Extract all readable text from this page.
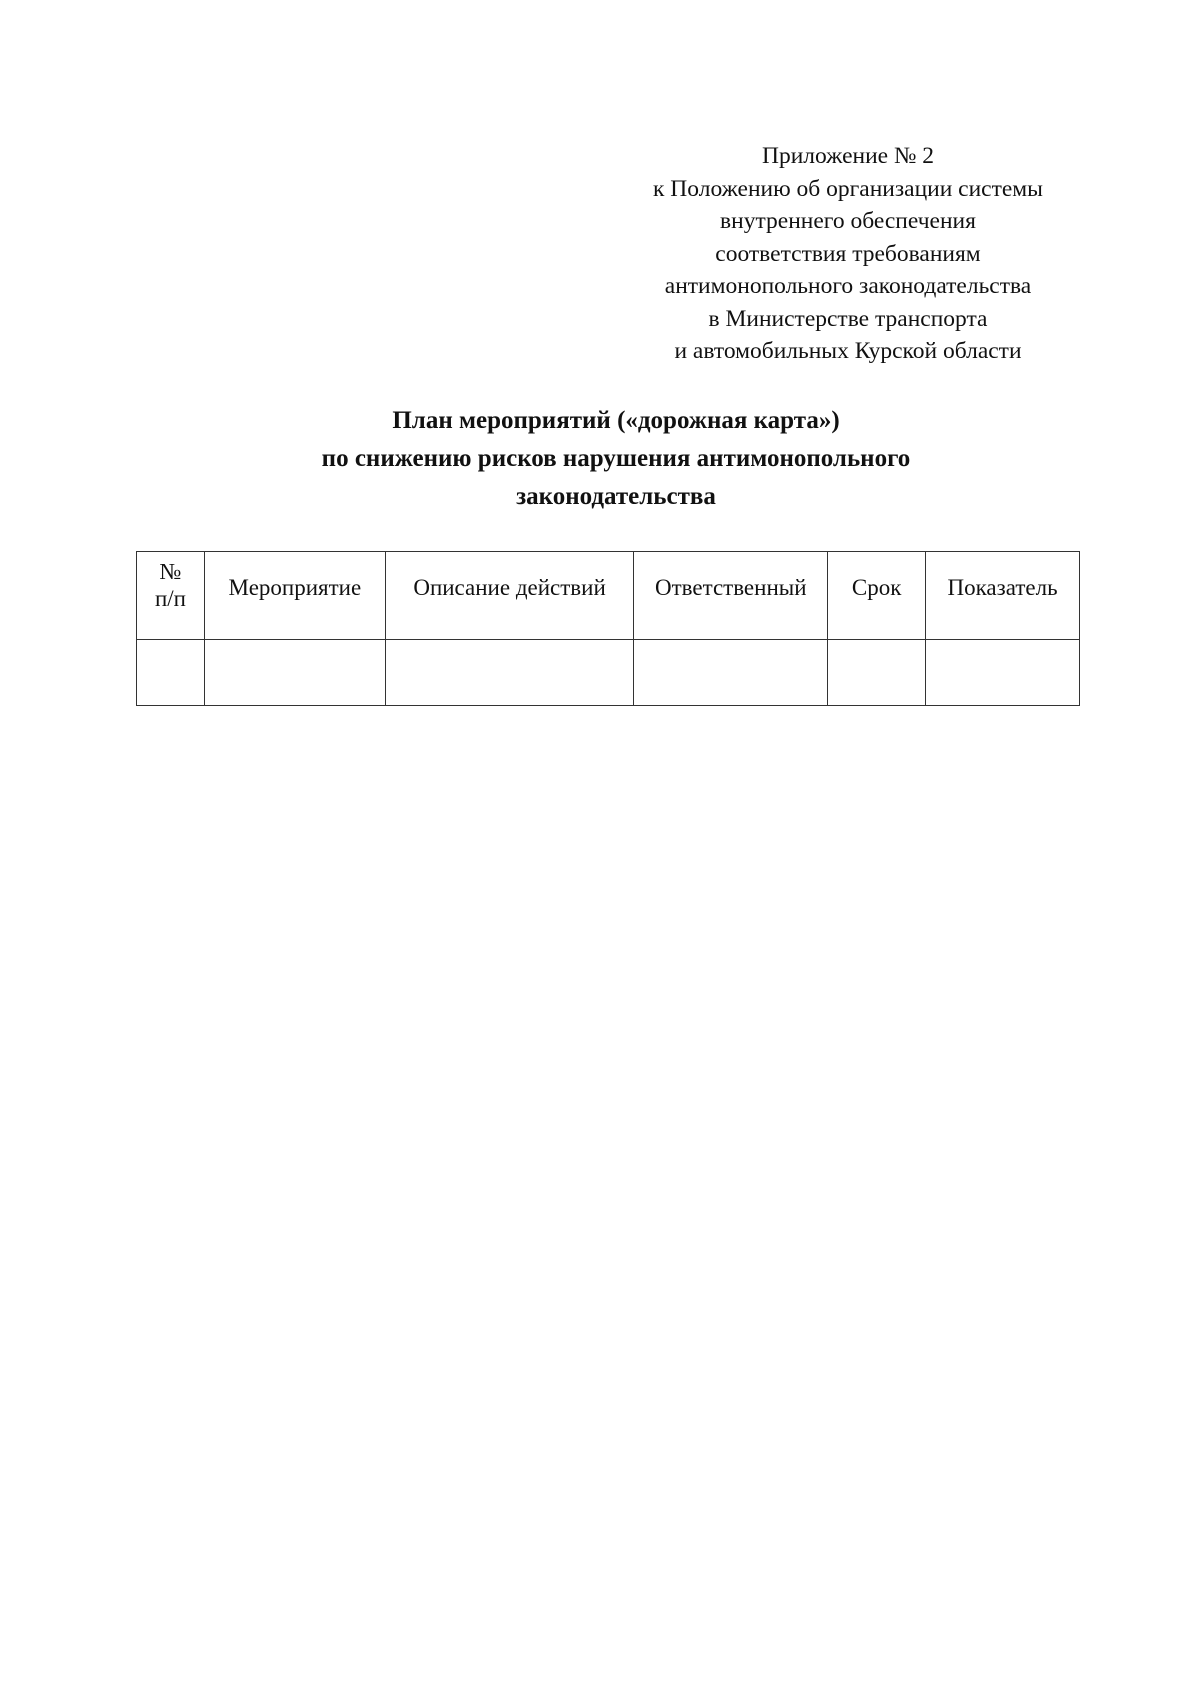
Приложение № 2
к Положению об организации системы
внутреннего обеспечения
соответствия требованиям
антимонопольного законодательства
в Министерстве транспорта
и автомобильных Курской области
План мероприятий («дорожная карта»)
по снижению рисков нарушения антимонопольного
законодательства
№ п/п	Мероприятие	Описание действий	Ответственный	Срок	Показатель
